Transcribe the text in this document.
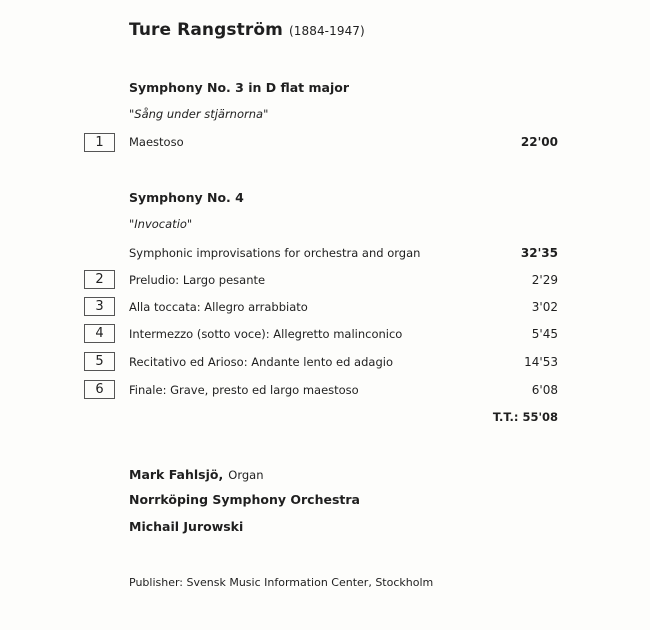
Ture Rangström (1884-1947)
Symphony No. 3 in D flat major
"Sång under stjärnorna"
1	Maestoso	22'00
Symphony No. 4
"Invocatio"
Symphonic improvisations for orchestra and organ	32'35
2	Preludio: Largo pesante	2'29
3	Alla toccata: Allegro arrabbiato	3'02
4	Intermezzo (sotto voce): Allegretto malinconico	5'45
5	Recitativo ed Arioso: Andante lento ed adagio	14'53
6	Finale: Grave, presto ed largo maestoso	6'08
T.T.: 55'08
Mark Fahlsjö, Organ
Norrköping Symphony Orchestra
Michail Jurowski
Publisher: Svensk Music Information Center, Stockholm
